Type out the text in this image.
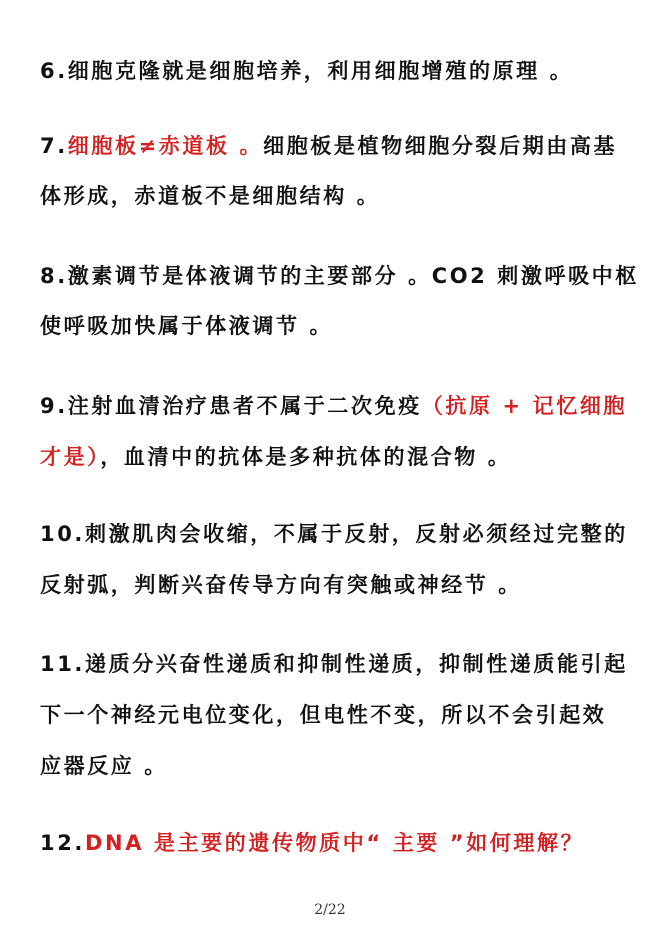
6.细胞克隆就是细胞培养，利用细胞增殖的原理 。
7.细胞板≠赤道板 。细胞板是植物细胞分裂后期由高基
体形成，赤道板不是细胞结构 。
8.激素调节是体液调节的主要部分 。CO2 刺激呼吸中枢
使呼吸加快属于体液调节 。
9.注射血清治疗患者不属于二次免疫（抗原 + 记忆细胞
才是），血清中的抗体是多种抗体的混合物 。
10.刺激肌肉会收缩，不属于反射，反射必须经过完整的
反射弧，判断兴奋传导方向有突触或神经节 。
11.递质分兴奋性递质和抑制性递质，抑制性递质能引起
下一个神经元电位变化，但电性不变，所以不会引起效
应器反应 。
12.DNA 是主要的遗传物质中“ 主要 ”如何理解？
2/22
